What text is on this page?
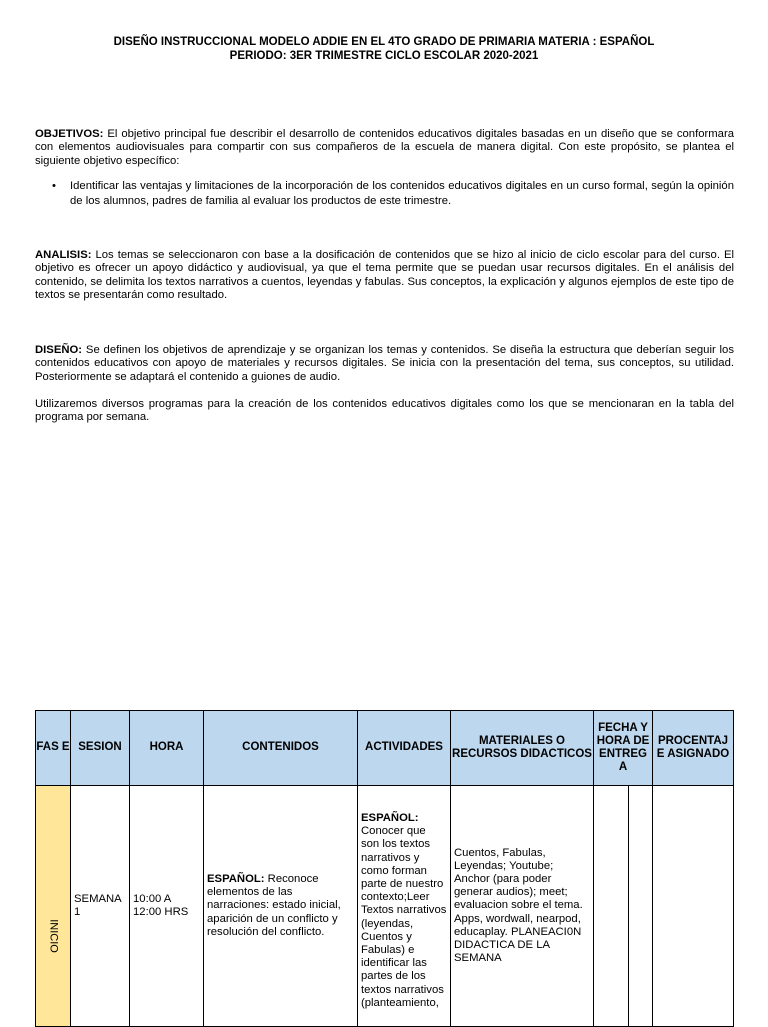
DISEÑO INSTRUCCIONAL MODELO ADDIE EN EL 4TO GRADO DE PRIMARIA MATERIA : ESPAÑOL
PERIODO: 3ER TRIMESTRE CICLO ESCOLAR 2020-2021
OBJETIVOS: El objetivo principal fue describir el desarrollo de contenidos educativos digitales basadas en un diseño que se conformara con elementos audiovisuales para compartir con sus compañeros de la escuela de manera digital. Con este propósito, se plantea el siguiente objetivo específico:
•	Identificar las ventajas y limitaciones de la incorporación de los contenidos educativos digitales en un curso formal, según la opinión de los alumnos, padres de familia al evaluar los productos de este trimestre.
ANALISIS: Los temas se seleccionaron con base a la dosificación de contenidos que se hizo al inicio de ciclo escolar para del curso. El objetivo es ofrecer un apoyo didáctico y audiovisual, ya que el tema permite que se puedan usar recursos digitales. En el análisis del contenido, se delimita los textos narrativos a cuentos, leyendas y fabulas. Sus conceptos, la explicación y algunos ejemplos de este tipo de textos se presentarán como resultado.
DISEÑO: Se definen los objetivos de aprendizaje y se organizan los temas y contenidos. Se diseña la estructura que deberían seguir los contenidos educativos con apoyo de materiales y recursos digitales. Se inicia con la presentación del tema, sus conceptos, su utilidad. Posteriormente se adaptará el contenido a guiones de audio.
Utilizaremos diversos programas para la creación de los contenidos educativos digitales como los que se mencionaran en la tabla del programa por semana.
FAS E	SESION	HORA	CONTENIDOS	ACTIVIDADES	MATERIALES O RECURSOS DIDACTICOS	FECHA Y HORA DE ENTREG A		PROCENTAJ E ASIGNADO

INICIO	SEMANA 1	10:00 A 12:00 HRS	ESPAÑOL: Reconoce elementos de las narraciones: estado inicial, aparición de un conflicto y resolución del conflicto.	ESPAÑOL:
Conocer que son los textos narrativos y como forman parte de nuestro contexto;Leer Textos narrativos (leyendas, Cuentos y Fabulas) e identificar las partes de los textos narrativos (planteamiento,	Cuentos, Fabulas, Leyendas; Youtube; Anchor (para poder generar audios); meet; evaluacion sobre el tema. Apps, wordwall, nearpod, educaplay. PLANEACI0N DIDACTICA DE LA SEMANA			
